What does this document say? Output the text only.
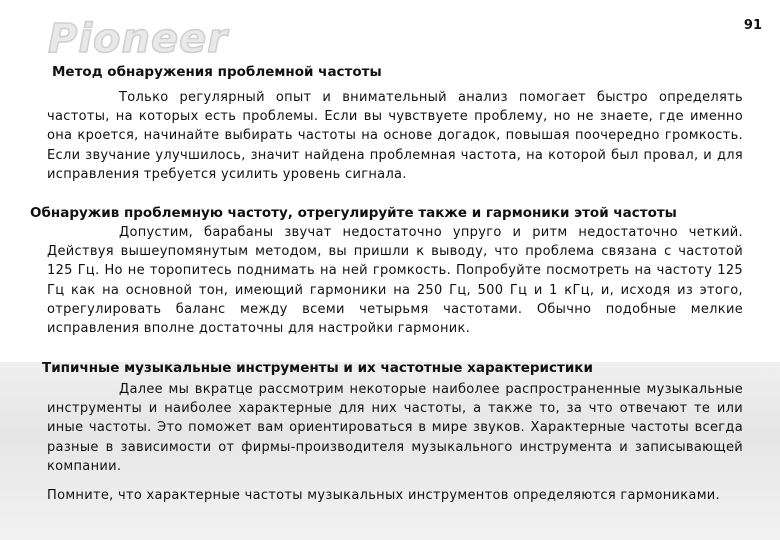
Pioneer	91
Метод обнаружения проблемной частоты

Только регулярный опыт и внимательный анализ помогает быстро определять частоты, на которых есть проблемы. Если вы чувствуете проблему, но не знаете, где именно она кроется, начинайте выбирать частоты на основе догадок, повышая поочередно громкость. Если звучание улучшилось, значит найдена проблемная частота, на которой был провал, и для исправления требуется усилить уровень сигнала.

Допустим, барабаны звучат недостаточно упруго и ритм недостаточно четкий. Действуя вышеупомянутым методом, вы пришли к выводу, что проблема связана с частотой 125 Гц. Но не торопитесь поднимать на ней громкость. Попробуйте посмотреть на частоту 125 Гц как на основной тон, имеющий гармоники на 250 Гц, 500 Гц и 1 кГц, и, исходя из этого, отрегулировать баланс между всеми четырьмя частотами. Обычно подобные мелкие исправления вполне достаточны для настройки гармоник.

Обнаружив проблемную частоту, отрегулируйте также и гармоники этой частоты
Типичные музыкальные инструменты и их частотные характеристики

Далее мы вкратце рассмотрим некоторые наиболее распространенные музыкальные инструменты и наиболее характерные для них частоты, а также то, за что отвечают те или иные частоты. Это поможет вам ориентироваться в мире звуков. Характерные частоты всегда разные в зависимости от фирмы-производителя музыкального инструмента и записывающей компании.

Помните, что характерные частоты музыкальных инструментов определяются гармониками.
